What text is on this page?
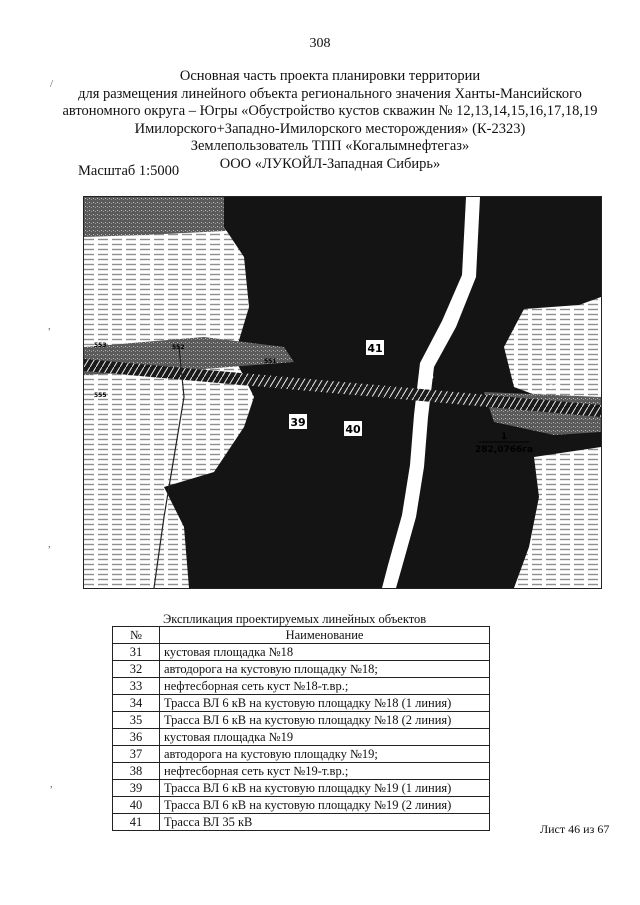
308
Основная часть проекта планировки территории
для размещения линейного объекта регионального значения Ханты-Мансийского
автономного округа – Югры «Обустройство кустов скважин № 12,13,14,15,16,17,18,19
Имилорского+Западно-Имилорского месторождения» (К-2323)
Землепользователь ТПП «Когалымнефтегаз»
ООО «ЛУКОЙЛ-Западная Сибирь»
Масштаб 1:5000
/
,
,
,
41
40
39
1
282,0766га
550
549
553	552
551
555
Экспликация проектируемых линейных объектов
№	Наименование
31	кустовая площадка №18
32	автодорога на кустовую площадку №18;
33	нефтесборная сеть куст №18-т.вр.;
34	Трасса ВЛ 6 кВ на кустовую площадку №18 (1 линия)
35	Трасса ВЛ 6 кВ на кустовую площадку №18 (2 линия)
36	кустовая площадка №19
37	автодорога на кустовую площадку №19;
38	нефтесборная сеть куст №19-т.вр.;
39	Трасса ВЛ 6 кВ на кустовую площадку №19 (1 линия)
40	Трасса ВЛ 6 кВ на кустовую площадку №19 (2 линия)
41	Трасса ВЛ 35 кВ
Лист 46 из 67
